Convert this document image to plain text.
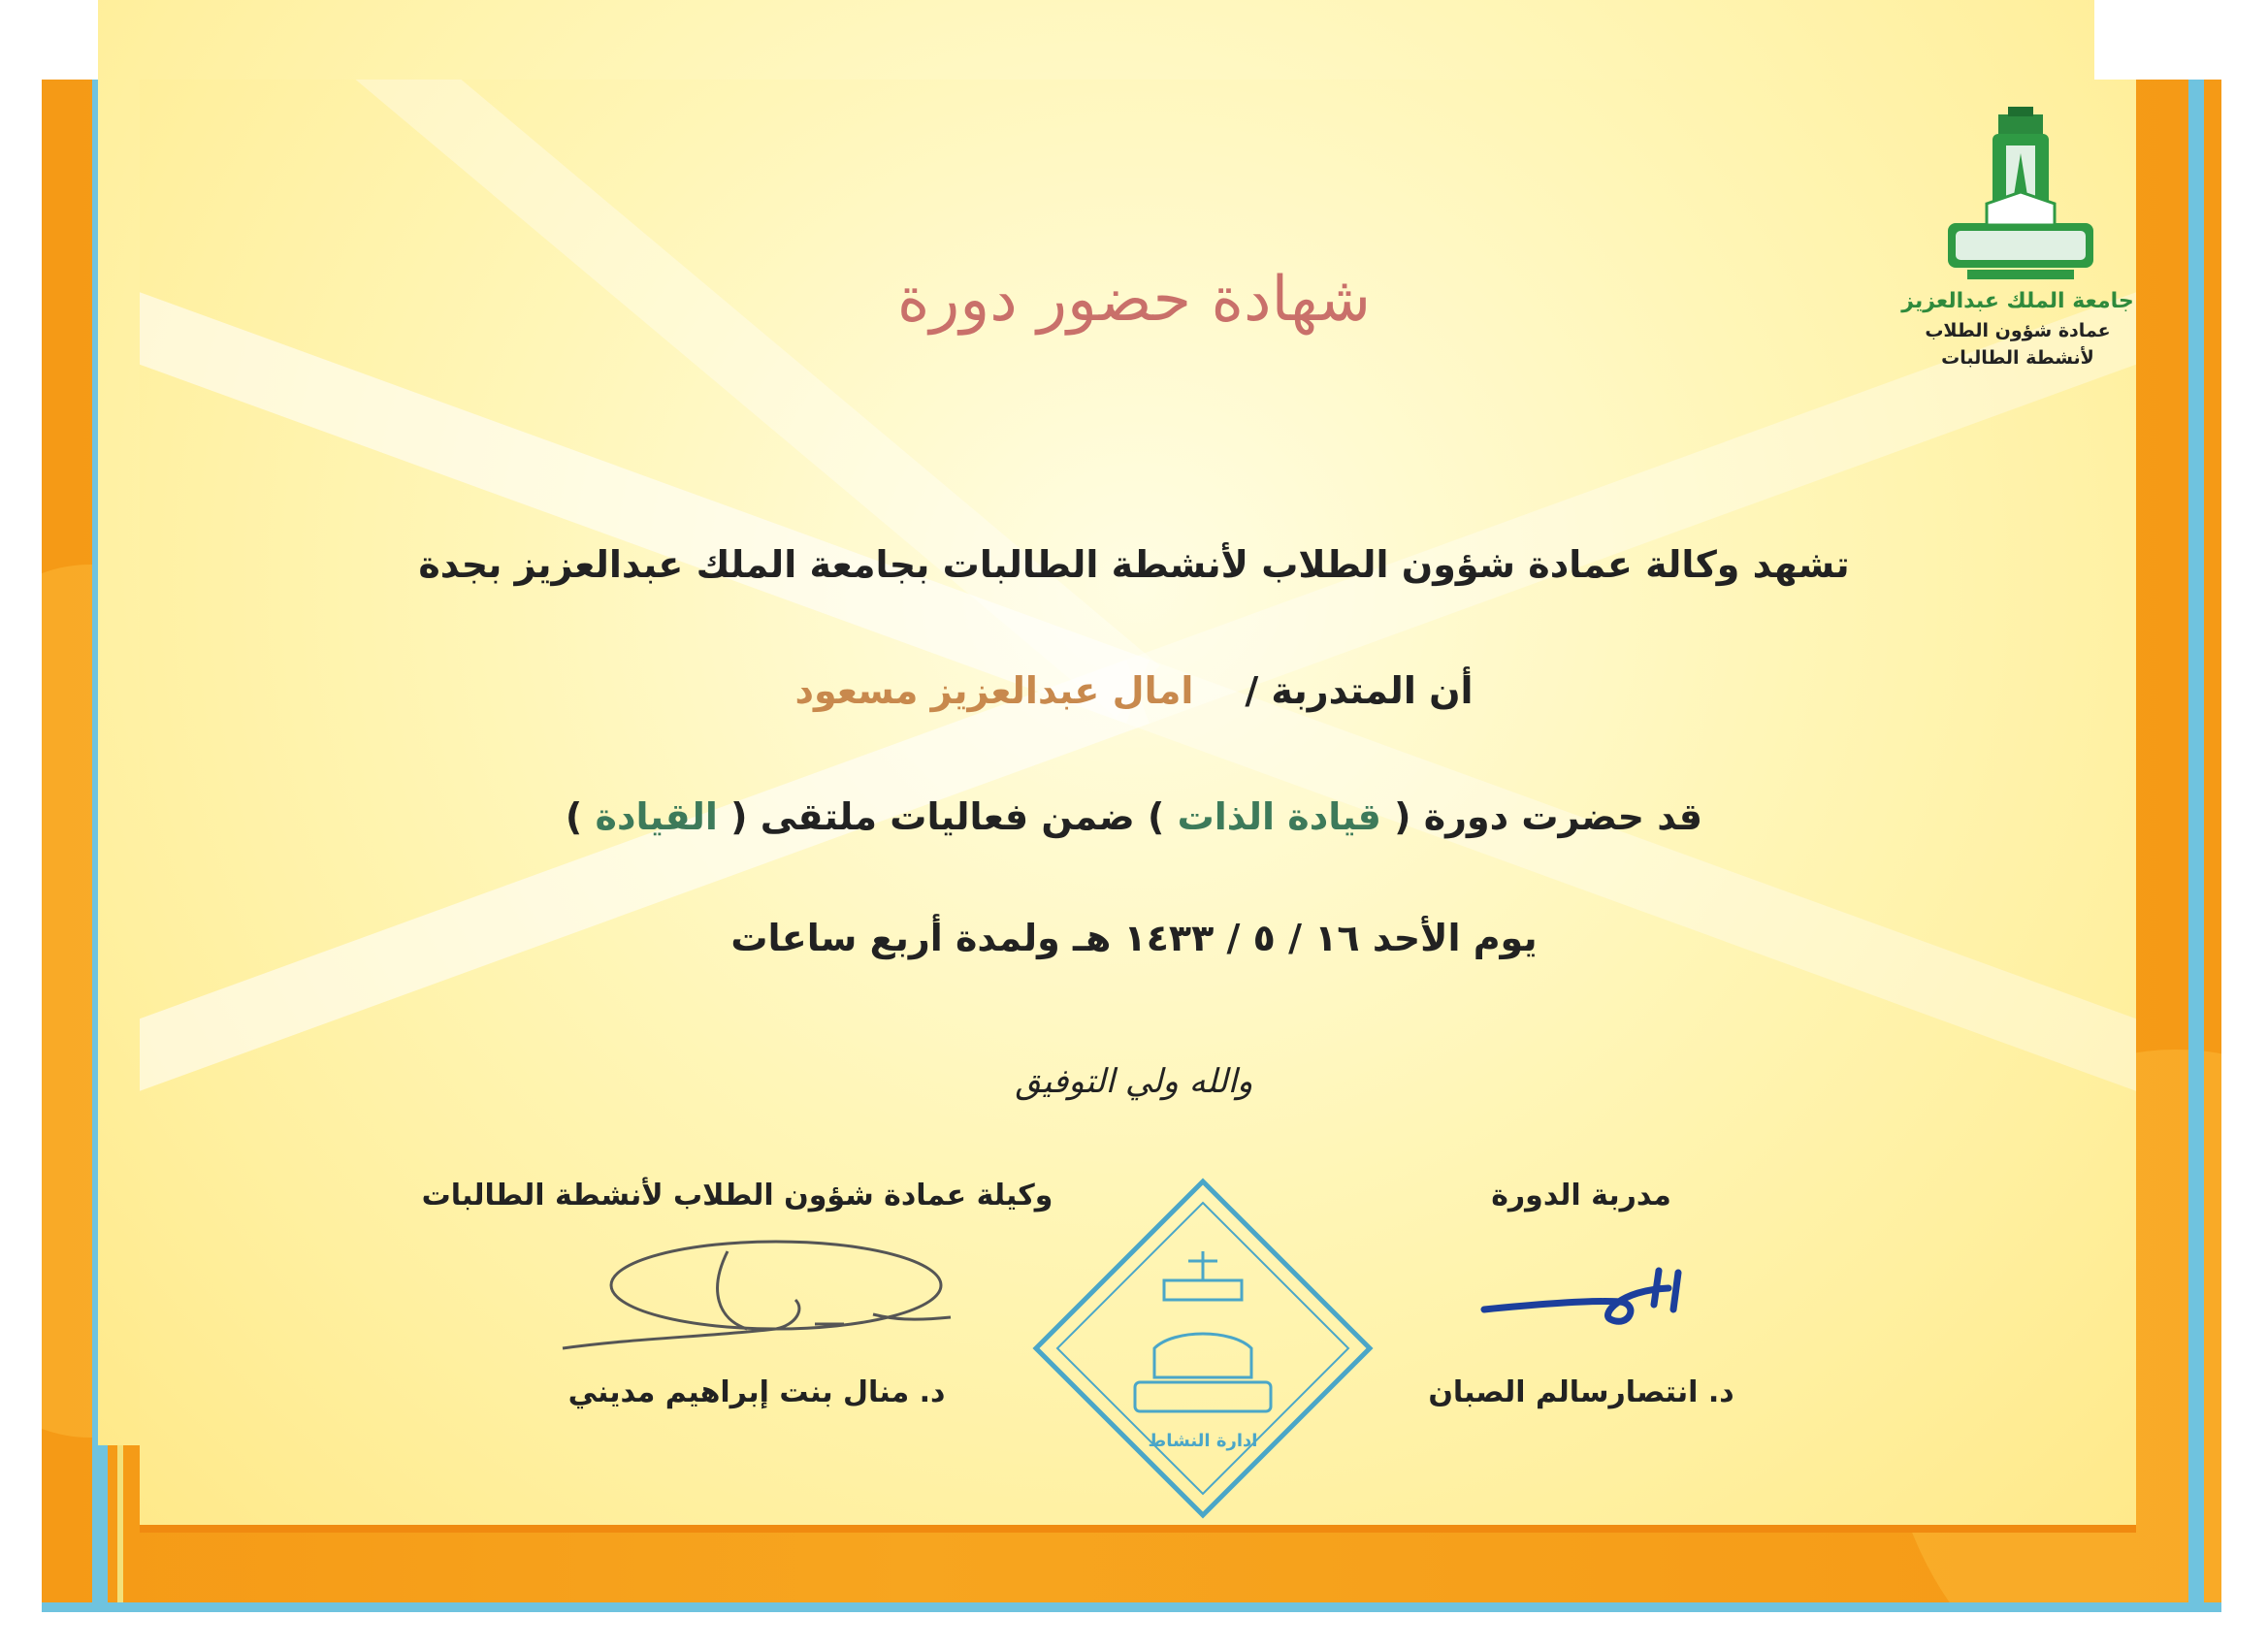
جامعة الملك عبدالعزيز
عمادة شؤون الطلاب
لأنشطة الطالبات
شهادة حضور دورة
تشهد وكالة عمادة شؤون الطلاب لأنشطة الطالبات بجامعة الملك عبدالعزيز بجدة
أن المتدربة /    امال عبدالعزيز مسعود
قد حضرت دورة ( قيادة الذات ) ضمن فعاليات ملتقى ( القيادة )
يوم الأحد ١٦ / ٥ / ١٤٣٣ هـ ولمدة أربع ساعات
والله ولي التوفيق
مدربة الدورة
وكيلة عمادة شؤون الطلاب لأنشطة الطالبات
د. انتصارسالم الصبان
د. منال بنت إبراهيم مديني
ادارة النشاط
